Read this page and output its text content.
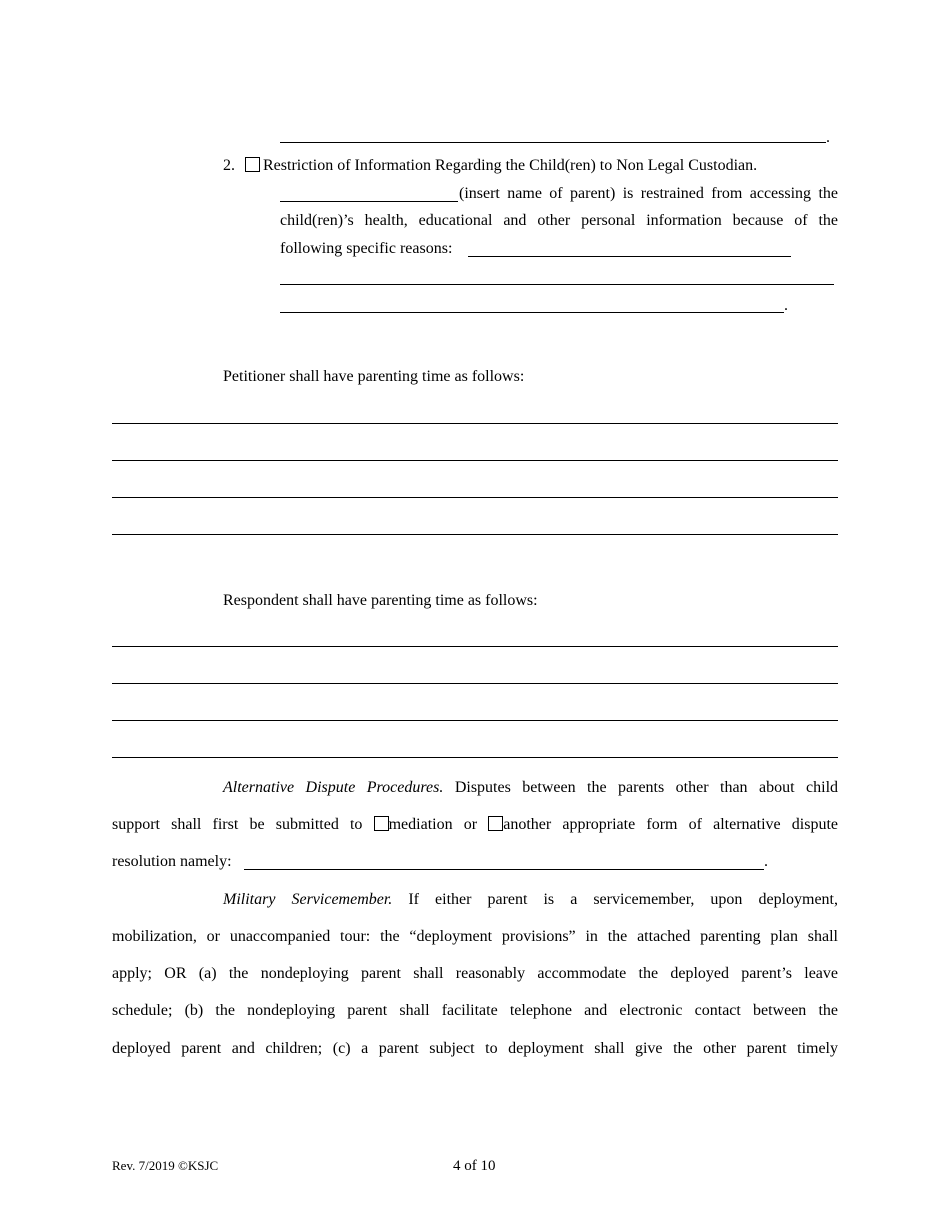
.
2. Restriction of Information Regarding the Child(ren) to Non Legal Custodian.
(insert name of parent) is restrained from accessing the
child(ren)’s health, educational and other personal information because of the
following specific reasons:
.
Petitioner shall have parenting time as follows:
Respondent shall have parenting time as follows:
Alternative Dispute Procedures. Disputes between the parents other than about child
support shall first be submitted to mediation or another appropriate form of alternative dispute
resolution namely:	.
Military Servicemember. If either parent is a servicemember, upon deployment,
mobilization, or unaccompanied tour: the “deployment provisions” in the attached parenting plan shall
apply; OR (a) the nondeploying parent shall reasonably accommodate the deployed parent’s leave
schedule; (b) the nondeploying parent shall facilitate telephone and electronic contact between the
deployed parent and children; (c) a parent subject to deployment shall give the other parent timely
Rev. 7/2019 ©KSJC	4 of 10
